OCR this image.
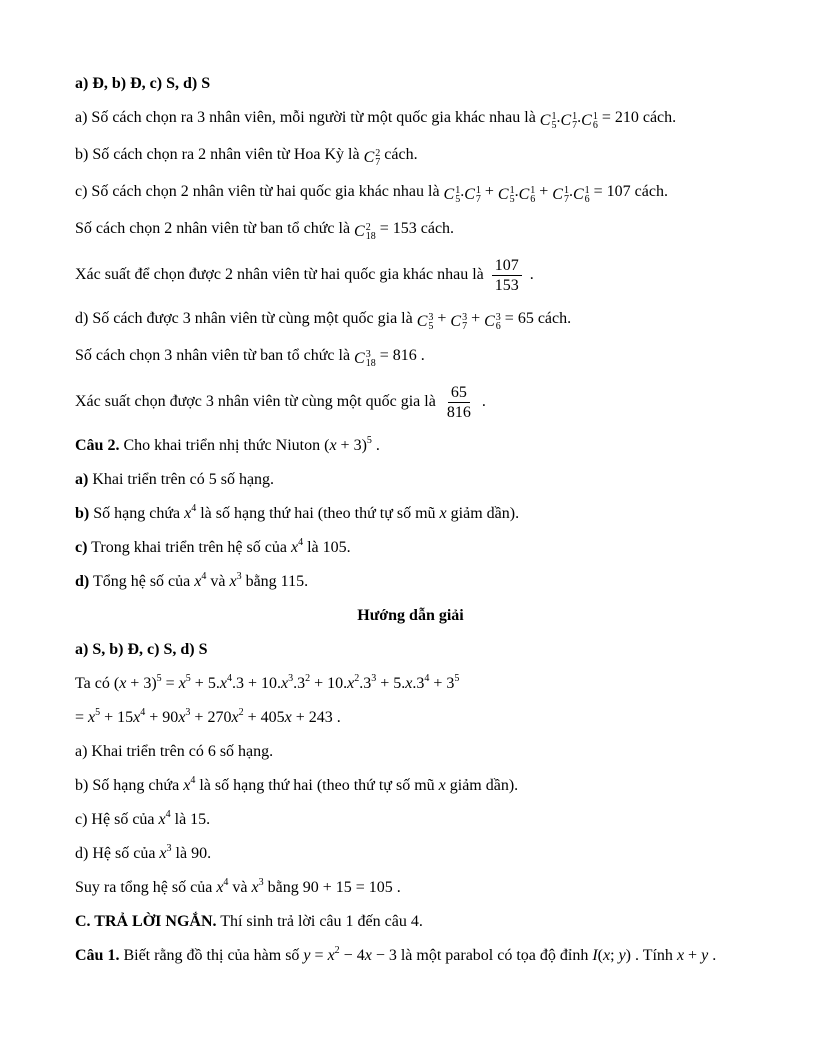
a) Đ, b) Đ, c) S, d) S

a) Số cách chọn ra 3 nhân viên, mỗi người từ một quốc gia khác nhau là C 1
5 . C 1
7 . C 1
6 = 210 cách.

b) Số cách chọn ra 2 nhân viên từ Hoa Kỳ là C 2
7 cách.

c) Số cách chọn 2 nhân viên từ hai quốc gia khác nhau là C 1
5 . C 1
7 + C 1
5 . C 1
6 + C 1
7 . C 1
6 = 107 cách.

Số cách chọn 2 nhân viên từ ban tổ chức là C 2
18 = 153 cách.

Xác suất để chọn được 2 nhân viên từ hai quốc gia khác nhau là $\frac{107}{153}$ .

d) Số cách được 3 nhân viên từ cùng một quốc gia là C 3
5 + C 3
7 + C 3
6 = 65 cách.

Số cách chọn 3 nhân viên từ ban tổ chức là C 3
18 = 816 .

Xác suất chọn được 3 nhân viên từ cùng một quốc gia là $\frac{65}{816}$ .

Câu 2. Cho khai triển nhị thức Niuton $(x + 3)^5$ .

a) Khai triển trên có 5 số hạng.

b) Số hạng chứa $x^4$ là số hạng thứ hai (theo thứ tự số mũ x giảm dần).

c) Trong khai triển trên hệ số của $x^4$ là 105.

d) Tổng hệ số của $x^4$ và $x^3$ bằng 115.

Hướng dẫn giải

a) S, b) Đ, c) S, d) S

Ta có $(x + 3)^5 = x^5 + 5.x^4.3 + 10.x^3.3^2 + 10.x^2.3^3 + 5.x.3^4 + 3^5$

= $x^5 + 15x^4 + 90x^3 + 270x^2 + 405x + 243$ .

a) Khai triển trên có 6 số hạng.

b) Số hạng chứa $x^4$ là số hạng thứ hai (theo thứ tự số mũ x giảm dần).

c) Hệ số của $x^4$ là 15.

d) Hệ số của $x^3$ là 90.

Suy ra tổng hệ số của $x^4$ và $x^3$ bằng 90 + 15 = 105 .

C. TRẢ LỜI NGẮN. Thí sinh trả lời câu 1 đến câu 4.

Câu 1. Biết rằng đồ thị của hàm số $y = x^2 - 4x - 3$ là một parabol có tọa độ đỉnh I(x; y) . Tính x + y .
